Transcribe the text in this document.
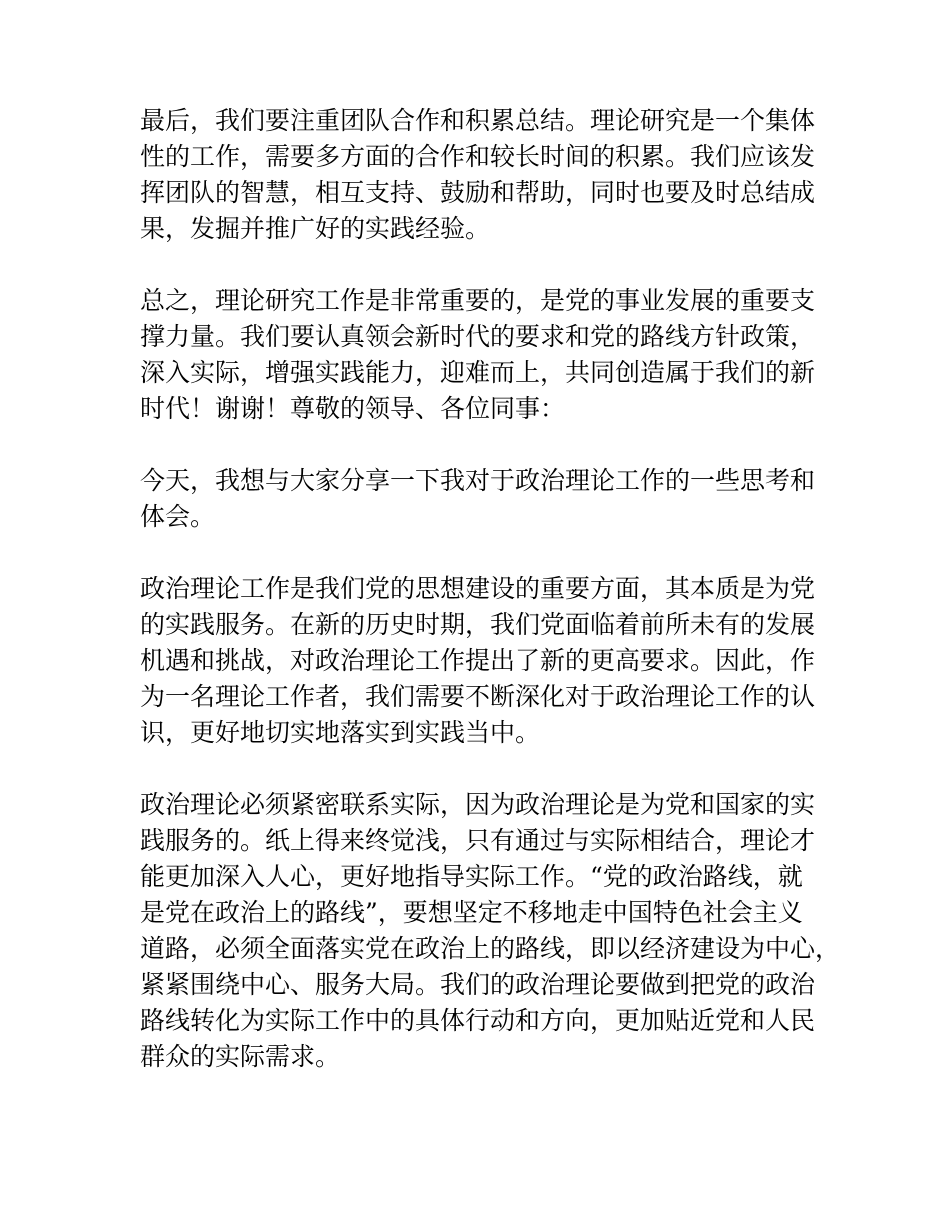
最后，我们要注重团队合作和积累总结。理论研究是一个集体
性的工作，需要多方面的合作和较长时间的积累。我们应该发
挥团队的智慧，相互支持、鼓励和帮助，同时也要及时总结成
果，发掘并推广好的实践经验。
总之，理论研究工作是非常重要的，是党的事业发展的重要支
撑力量。我们要认真领会新时代的要求和党的路线方针政策，
深入实际，增强实践能力，迎难而上，共同创造属于我们的新
时代！谢谢！尊敬的领导、各位同事：
今天，我想与大家分享一下我对于政治理论工作的一些思考和
体会。
政治理论工作是我们党的思想建设的重要方面，其本质是为党
的实践服务。在新的历史时期，我们党面临着前所未有的发展
机遇和挑战，对政治理论工作提出了新的更高要求。因此，作
为一名理论工作者，我们需要不断深化对于政治理论工作的认
识，更好地切实地落实到实践当中。
政治理论必须紧密联系实际，因为政治理论是为党和国家的实
践服务的。纸上得来终觉浅，只有通过与实际相结合，理论才
能更加深入人心，更好地指导实际工作。“党的政治路线，就
是党在政治上的路线”，要想坚定不移地走中国特色社会主义
道路，必须全面落实党在政治上的路线，即以经济建设为中心，
紧紧围绕中心、服务大局。我们的政治理论要做到把党的政治
路线转化为实际工作中的具体行动和方向，更加贴近党和人民
群众的实际需求。
